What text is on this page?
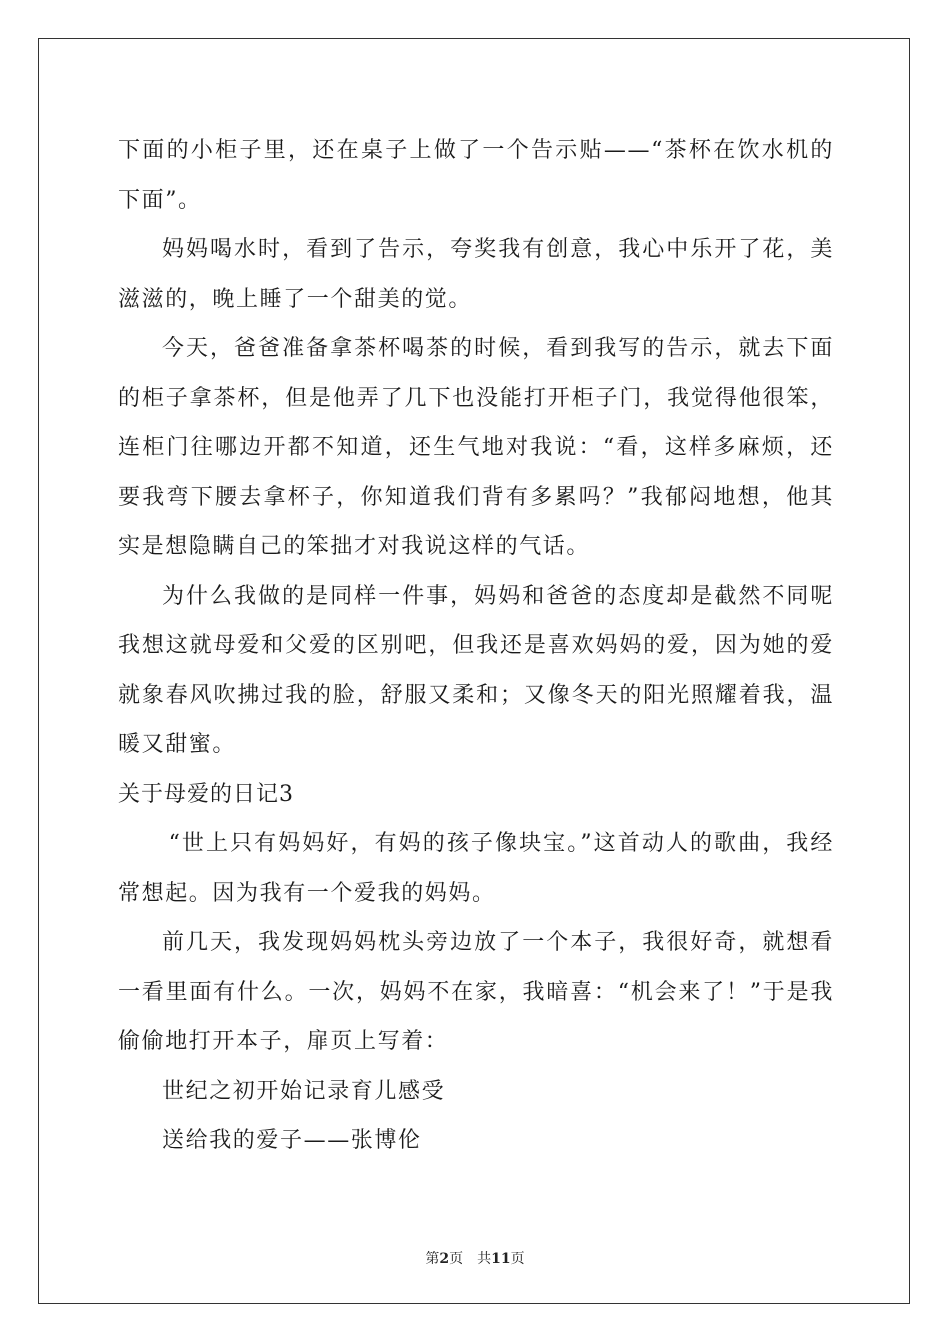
下面的小柜子里，还在桌子上做了一个告示贴——“茶杯在饮水机的下面”。

妈妈喝水时，看到了告示，夸奖我有创意，我心中乐开了花，美滋滋的，晚上睡了一个甜美的觉。

今天，爸爸准备拿茶杯喝茶的时候，看到我写的告示，就去下面的柜子拿茶杯，但是他弄了几下也没能打开柜子门，我觉得他很笨，连柜门往哪边开都不知道，还生气地对我说：“看，这样多麻烦，还要我弯下腰去拿杯子，你知道我们背有多累吗？”我郁闷地想，他其实是想隐瞒自己的笨拙才对我说这样的气话。

为什么我做的是同样一件事，妈妈和爸爸的态度却是截然不同呢我想这就母爱和父爱的区别吧，但我还是喜欢妈妈的爱，因为她的爱就象春风吹拂过我的脸，舒服又柔和；又像冬天的阳光照耀着我，温暖又甜蜜。

关于母爱的日记3

“世上只有妈妈好，有妈的孩子像块宝。”这首动人的歌曲，我经常想起。因为我有一个爱我的妈妈。

前几天，我发现妈妈枕头旁边放了一个本子，我很好奇，就想看一看里面有什么。一次，妈妈不在家，我暗喜：“机会来了！”于是我偷偷地打开本子，扉页上写着：

世纪之初开始记录育儿感受

送给我的爱子——张博伦

第2页 共11页
